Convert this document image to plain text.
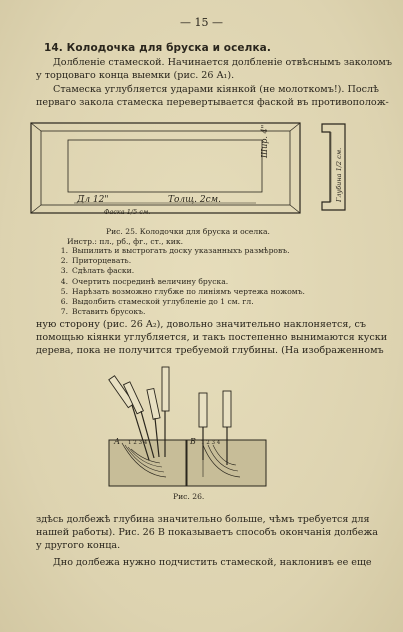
— 15 —
14. Колодочка для бруска и оселка.
Долбленiе стамеской. Начинается долбленiе отвѣснымъ заколомъ
у торцоваго конца выемки (рис. 26 A₁).
Стамеска углубляется ударами кiянкой (не молоткомъ!). Послѣ
перваго закола стамеска перевертывается фаской въ противополож-
Дл 12"	Толщ. 2см.
Шир. 4"
Фаска 1/5 см.
Глубина 1/2 см.
Рис. 25. Колодочки для бруска и оселка.
Инстр.: пл., рб., фг., ст., кик.
1. Выпилить и выстрогать доску указанныхъ размѣровъ.
2. Приторцевать.
3. Сдѣлать фаски.
4. Очертить посрединѣ величину бруска.
5. Нарѣзать возможно глубже по линiямъ чертежа ножомъ.
6. Выдолбить стамеской углубленiе до 1 см. гл.
7. Вставить брусокъ.
ную сторону (рис. 26 A₂), довольно значительно наклоняется, съ
помощью кiянки углубляется, и такъ постепенно вынимаются куски
дерева, пока не получится требуемой глубины. (На изображенномъ
А 1 2 3 4	В 1 2 3 4
Рис. 26.
здѣсь долбежѣ глубина значительно больше, чѣмъ требуется для
нашей работы). Рис. 26 B показываетъ способъ окончанiя долбежа
у другого конца.
Дно долбежа нужно подчистить стамеской, наклонивъ ее еще
